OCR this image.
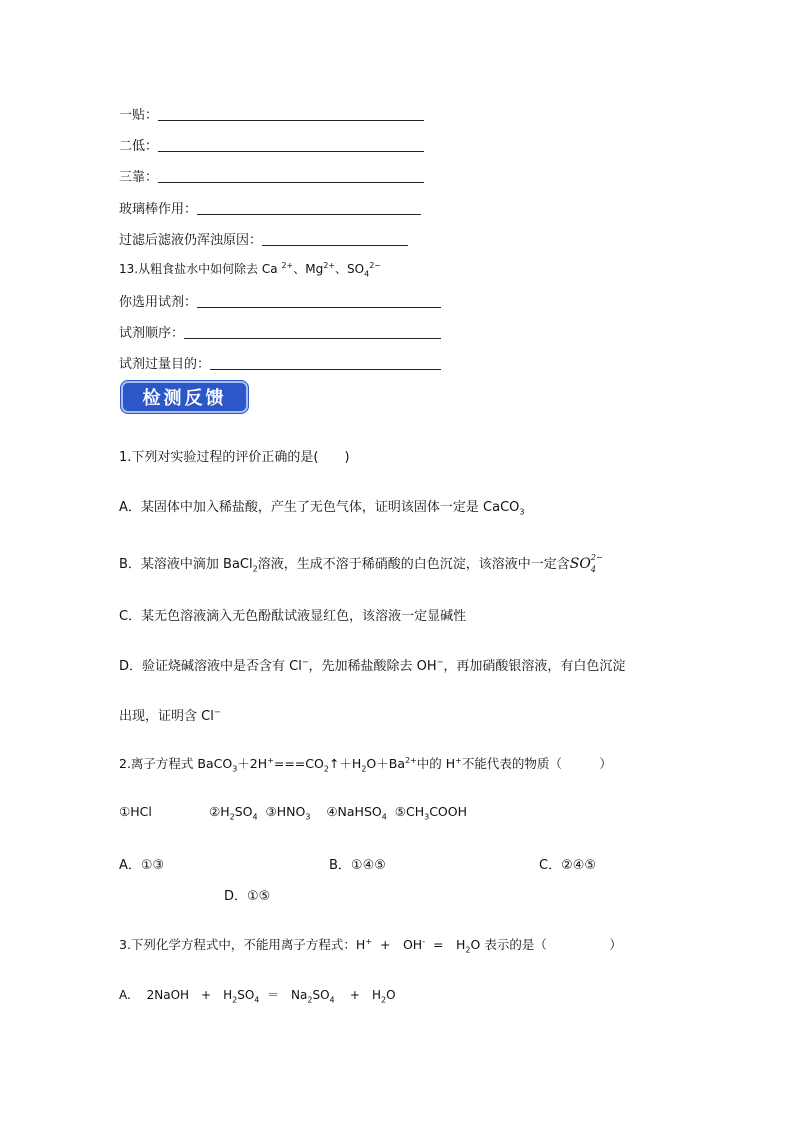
一贴：
二低：
三靠：
玻璃棒作用：
过滤后滤液仍浑浊原因：
13.从粗食盐水中如何除去 Ca $^{2+}$、$Mg^{2+}$、$SO_4^{2-}$
你选用试剂：
试剂顺序：
试剂过量目的：
检测反馈
1.下列对实验过程的评价正确的是(　　)
A．某固体中加入稀盐酸，产生了无色气体，证明该固体一定是 CaCO$_3$
B．某溶液中滴加 BaCl$_2$溶液，生成不溶于稀硝酸的白色沉淀，该溶液中一定含$SO_4^{2-}$
C．某无色溶液滴入无色酚酞试液显红色，该溶液一定显碱性
D．验证烧碱溶液中是否含有 Cl−，先加稀盐酸除去 OH−，再加硝酸银溶液，有白色沉淀
出现，证明含 Cl−
2.离子方程式 $BaCO_3+2H^+===CO_2↑+H_2O+Ba^{2+}$中的 H+不能代表的物质（　　　）
①HCl	$②H_2SO_4$ $③HNO_3$ ④NaHSO$_4$ $⑤CH_3COOH$
A．①③	B．①④⑤	C．②④⑤
D．①⑤
3.下列化学方程式中，不能用离子方程式：H+ +　OH- =　$H_2O$ 表示的是（　　　　　）
A.　 2NaOH　+　$H_2SO_4$ ＝　$Na_2SO_4$ +　$H_2O$
